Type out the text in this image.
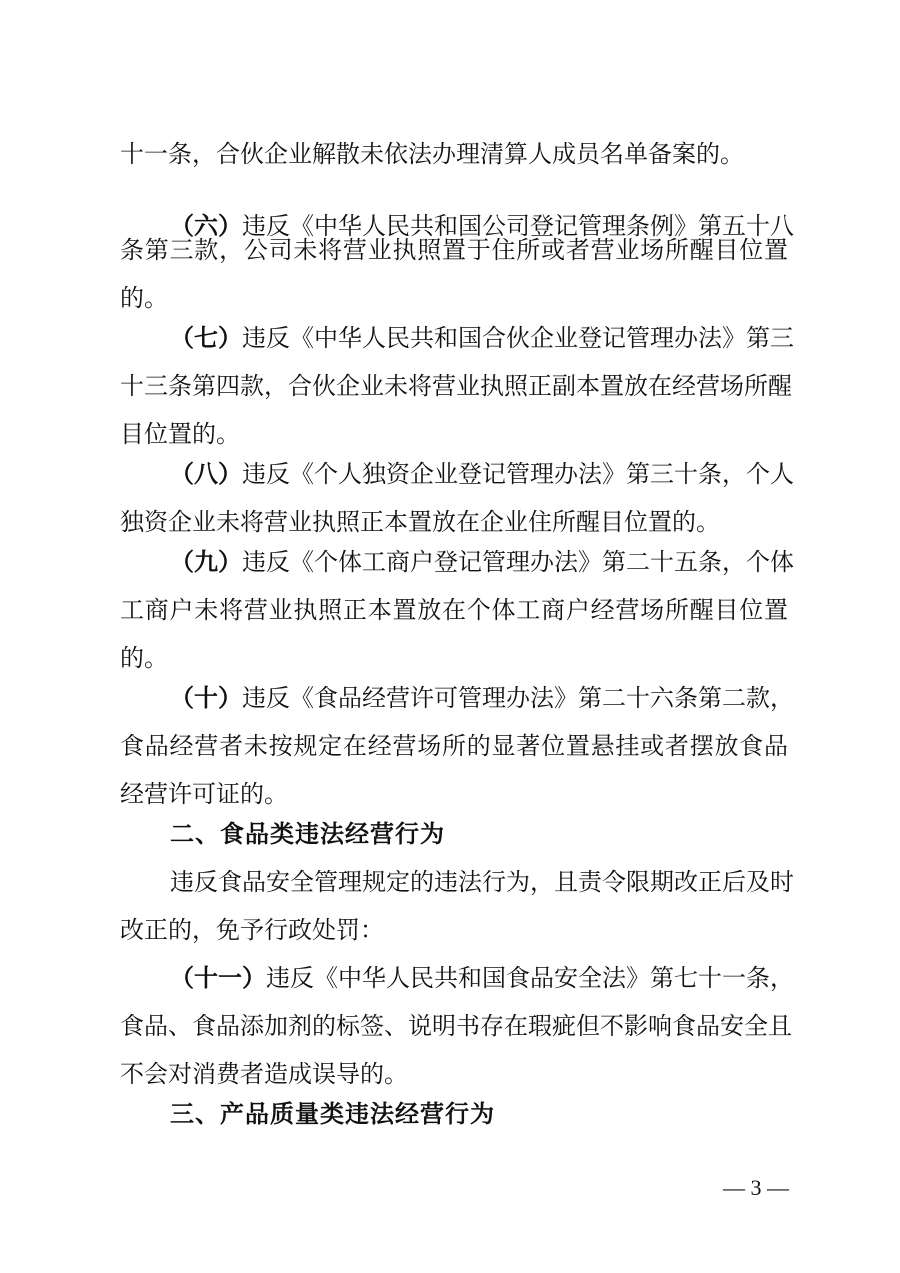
十一条，合伙企业解散未依法办理清算人成员名单备案的。
（六）违反《中华人民共和国公司登记管理条例》第五十八
条第三款，公司未将营业执照置于住所或者营业场所醒目位置
的。
（七）违反《中华人民共和国合伙企业登记管理办法》第三
十三条第四款，合伙企业未将营业执照正副本置放在经营场所醒
目位置的。
（八）违反《个人独资企业登记管理办法》第三十条，个人
独资企业未将营业执照正本置放在企业住所醒目位置的。
（九）违反《个体工商户登记管理办法》第二十五条，个体
工商户未将营业执照正本置放在个体工商户经营场所醒目位置
的。
（十）违反《食品经营许可管理办法》第二十六条第二款，
食品经营者未按规定在经营场所的显著位置悬挂或者摆放食品
经营许可证的。
二、食品类违法经营行为
违反食品安全管理规定的违法行为，且责令限期改正后及时
改正的，免予行政处罚：
（十一）违反《中华人民共和国食品安全法》第七十一条，
食品、食品添加剂的标签、说明书存在瑕疵但不影响食品安全且
不会对消费者造成误导的。
三、产品质量类违法经营行为
— 3 —
